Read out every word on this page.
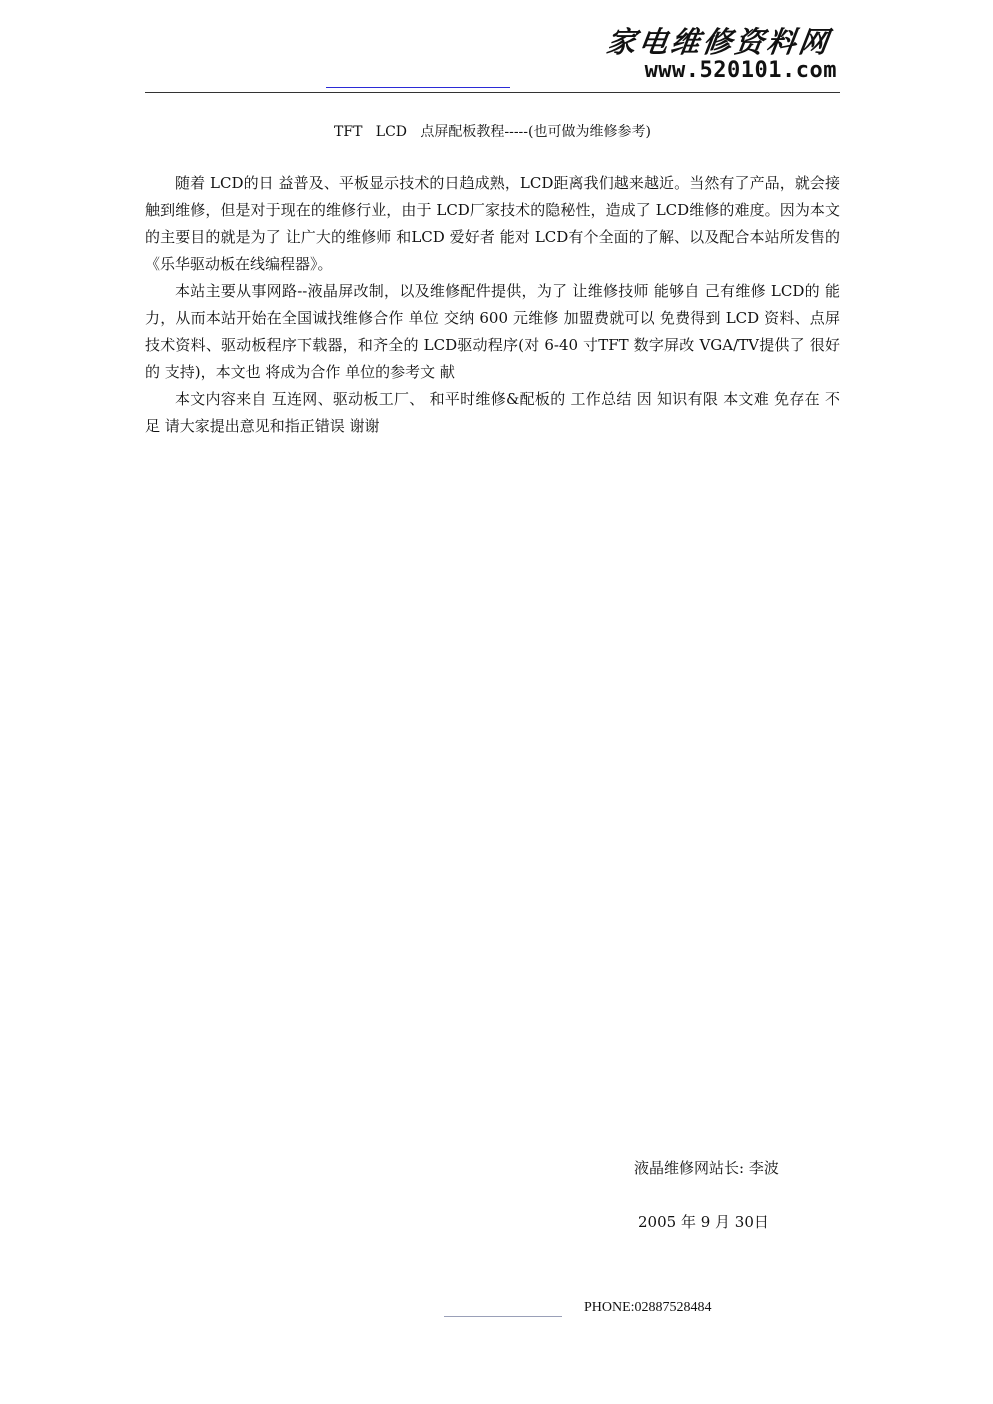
家电维修资料网
www.520101.com
TFT   LCD   点屏配板教程-----(也可做为维修参考)

随着 LCD的日 益普及、平板显示技术的日趋成熟，LCD距离我们越来越近。当然有了产品，就会接触到维修，但是对于现在的维修行业，由于 LCD厂家技术的隐秘性，造成了 LCD维修的难度。因为本文的主要目的就是为了 让广大的维修师 和LCD 爱好者 能对 LCD有个全面的了解、以及配合本站所发售的《乐华驱动板在线编程器》。

本站主要从事网路--液晶屏改制，以及维修配件提供，为了 让维修技师 能够自 己有维修 LCD的 能力，从而本站开始在全国诚找维修合作 单位 交纳 600 元维修 加盟费就可以 免费得到 LCD 资料、点屏技术资料、驱动板程序下载器，和齐全的 LCD驱动程序(对 6-40 寸TFT 数字屏改 VGA/TV提供了 很好的 支持)，本文也 将成为合作 单位的参考文 献

本文内容来自 互连网、驱动板工厂、 和平时维修&配板的 工作总结 因 知识有限 本文难 免存在 不足 请大家提出意见和指正错误 谢谢

液晶维修网站长: 李波
2005 年 9 月 30日
PHONE:02887528484
